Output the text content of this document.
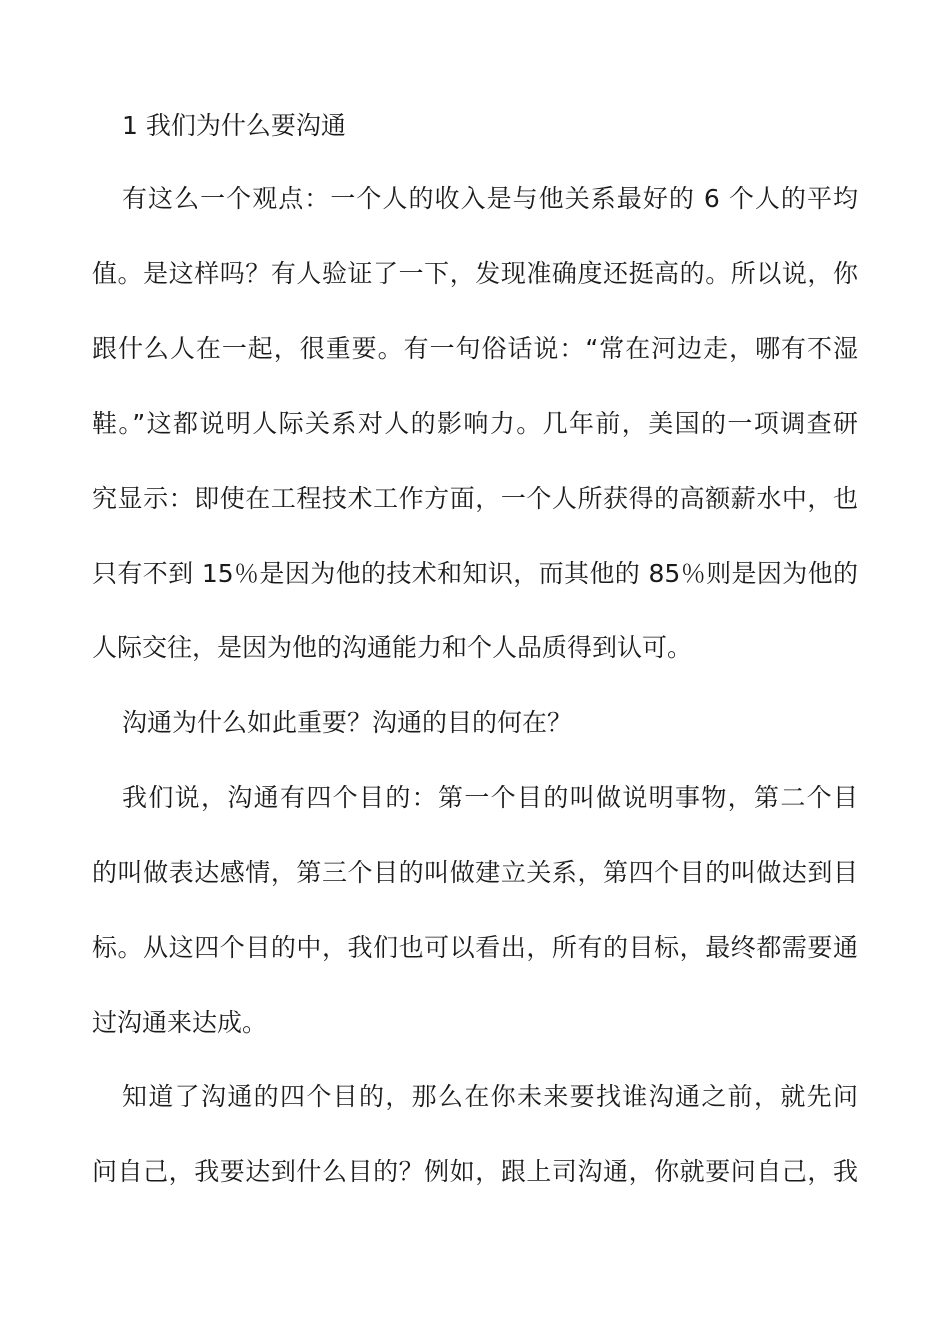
1 我们为什么要沟通
有这么一个观点：一个人的收入是与他关系最好的 6 个人的平均
值。是这样吗？有人验证了一下，发现准确度还挺高的。所以说，你
跟什么人在一起，很重要。有一句俗话说：“常在河边走，哪有不湿
鞋。”这都说明人际关系对人的影响力。几年前，美国的一项调查研
究显示：即使在工程技术工作方面，一个人所获得的高额薪水中，也
只有不到 15％是因为他的技术和知识，而其他的 85％则是因为他的
人际交往，是因为他的沟通能力和个人品质得到认可。
沟通为什么如此重要？沟通的目的何在？
我们说，沟通有四个目的：第一个目的叫做说明事物，第二个目
的叫做表达感情，第三个目的叫做建立关系，第四个目的叫做达到目
标。从这四个目的中，我们也可以看出，所有的目标，最终都需要通
过沟通来达成。
知道了沟通的四个目的，那么在你未来要找谁沟通之前，就先问
问自己，我要达到什么目的？例如，跟上司沟通，你就要问自己，我
